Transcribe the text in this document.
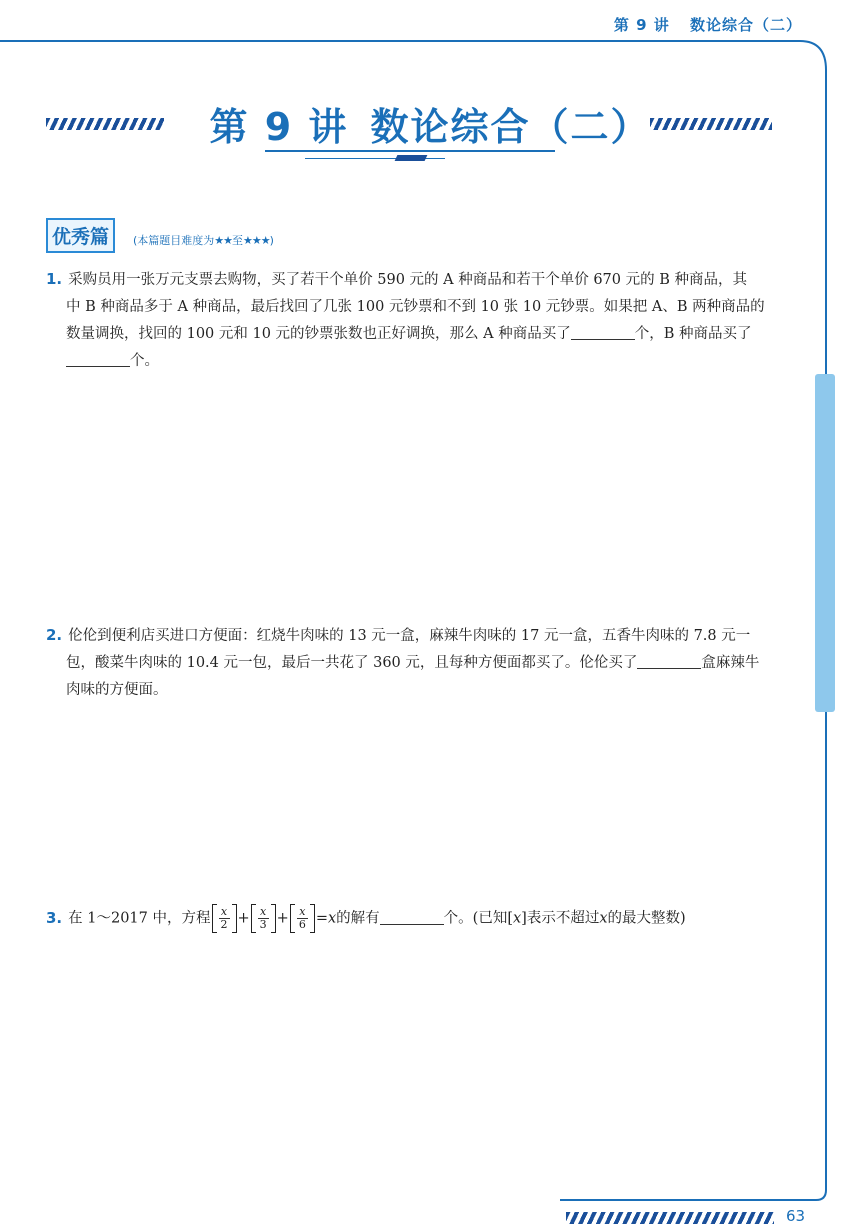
第 9 讲 数论综合（二）
第 9 讲 数论综合（二）
优秀篇	(本篇题目难度为★★至★★★)
1. 采购员用一张万元支票去购物，买了若干个单价 590 元的 A 种商品和若干个单价 670 元的 B 种商品，其
中 B 种商品多于 A 种商品，最后找回了几张 100 元钞票和不到 10 张 10 元钞票。如果把 A、B 两种商品的
数量调换，找回的 100 元和 10 元的钞票张数也正好调换，那么 A 种商品买了	个，B 种商品买了
个。
2. 伦伦到便利店买进口方便面：红烧牛肉味的 13 元一盒，麻辣牛肉味的 17 元一盒，五香牛肉味的 7.8 元一
包，酸菜牛肉味的 10.4 元一包，最后一共花了 360 元，且每种方便面都买了。伦伦买了	盒麻辣牛
肉味的方便面。
3. 在 1～2017 中，方程 $\frac{x}{2} + \frac{x}{3} + \frac{x}{6} =x$的解有	个。(已知[x]表示不超过x的最大整数)
63
